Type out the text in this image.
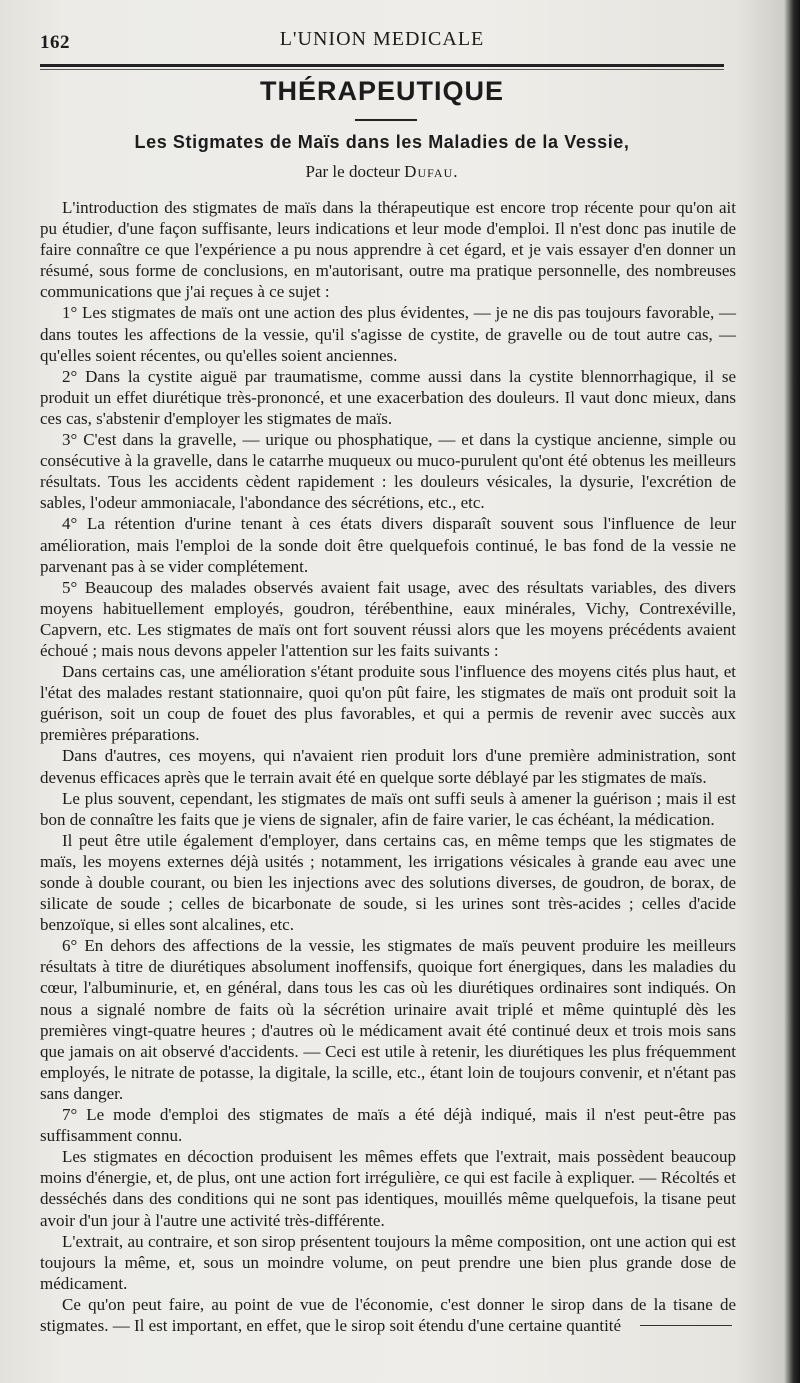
162	L'UNION MEDICALE
THÉRAPEUTIQUE
Les Stigmates de Maïs dans les Maladies de la Vessie,
Par le docteur Dufau.

L'introduction des stigmates de maïs dans la thérapeutique est encore trop récente pour qu'on ait pu étudier, d'une façon suffisante, leurs indications et leur mode d'emploi. Il n'est donc pas inutile de faire connaître ce que l'expérience a pu nous apprendre à cet égard, et je vais essayer d'en donner un résumé, sous forme de conclusions, en m'autorisant, outre ma pratique personnelle, des nombreuses communications que j'ai reçues à ce sujet :

1° Les stigmates de maïs ont une action des plus évidentes, — je ne dis pas toujours favorable, — dans toutes les affections de la vessie, qu'il s'agisse de cystite, de gravelle ou de tout autre cas, — qu'elles soient récentes, ou qu'elles soient anciennes.

2° Dans la cystite aiguë par traumatisme, comme aussi dans la cystite blennorrhagique, il se produit un effet diurétique très-prononcé, et une exacerbation des douleurs. Il vaut donc mieux, dans ces cas, s'abstenir d'employer les stigmates de maïs.

3° C'est dans la gravelle, — urique ou phosphatique, — et dans la cystique ancienne, simple ou consécutive à la gravelle, dans le catarrhe muqueux ou muco-purulent qu'ont été obtenus les meilleurs résultats. Tous les accidents cèdent rapidement : les douleurs vésicales, la dysurie, l'excrétion de sables, l'odeur ammoniacale, l'abondance des sécrétions, etc., etc.

4° La rétention d'urine tenant à ces états divers disparaît souvent sous l'influence de leur amélioration, mais l'emploi de la sonde doit être quelquefois continué, le bas fond de la vessie ne parvenant pas à se vider complétement.

5° Beaucoup des malades observés avaient fait usage, avec des résultats variables, des divers moyens habituellement employés, goudron, térébenthine, eaux minérales, Vichy, Contrexéville, Capvern, etc. Les stigmates de maïs ont fort souvent réussi alors que les moyens précédents avaient échoué ; mais nous devons appeler l'attention sur les faits suivants :

Dans certains cas, une amélioration s'étant produite sous l'influence des moyens cités plus haut, et l'état des malades restant stationnaire, quoi qu'on pût faire, les stigmates de maïs ont produit soit la guérison, soit un coup de fouet des plus favorables, et qui a permis de revenir avec succès aux premières préparations.

Dans d'autres, ces moyens, qui n'avaient rien produit lors d'une première administration, sont devenus efficaces après que le terrain avait été en quelque sorte déblayé par les stigmates de maïs.

Le plus souvent, cependant, les stigmates de maïs ont suffi seuls à amener la guérison ; mais il est bon de connaître les faits que je viens de signaler, afin de faire varier, le cas échéant, la médication.

Il peut être utile également d'employer, dans certains cas, en même temps que les stigmates de maïs, les moyens externes déjà usités ; notamment, les irrigations vésicales à grande eau avec une sonde à double courant, ou bien les injections avec des solutions diverses, de goudron, de borax, de silicate de soude ; celles de bicarbonate de soude, si les urines sont très-acides ; celles d'acide benzoïque, si elles sont alcalines, etc.

6° En dehors des affections de la vessie, les stigmates de maïs peuvent produire les meilleurs résultats à titre de diurétiques absolument inoffensifs, quoique fort énergiques, dans les maladies du cœur, l'albuminurie, et, en général, dans tous les cas où les diurétiques ordinaires sont indiqués. On nous a signalé nombre de faits où la sécrétion urinaire avait triplé et même quintuplé dès les premières vingt-quatre heures ; d'autres où le médicament avait été continué deux et trois mois sans que jamais on ait observé d'accidents. — Ceci est utile à retenir, les diurétiques les plus fréquemment employés, le nitrate de potasse, la digitale, la scille, etc., étant loin de toujours convenir, et n'étant pas sans danger.

7° Le mode d'emploi des stigmates de maïs a été déjà indiqué, mais il n'est peut-être pas suffisamment connu.

Les stigmates en décoction produisent les mêmes effets que l'extrait, mais possèdent beaucoup moins d'énergie, et, de plus, ont une action fort irrégulière, ce qui est facile à expliquer. — Récoltés et desséchés dans des conditions qui ne sont pas identiques, mouillés même quelquefois, la tisane peut avoir d'un jour à l'autre une activité très-différente.

L'extrait, au contraire, et son sirop présentent toujours la même composition, ont une action qui est toujours la même, et, sous un moindre volume, on peut prendre une bien plus grande dose de médicament.

Ce qu'on peut faire, au point de vue de l'économie, c'est donner le sirop dans de la tisane de stigmates. — Il est important, en effet, que le sirop soit étendu d'une certaine quantité
